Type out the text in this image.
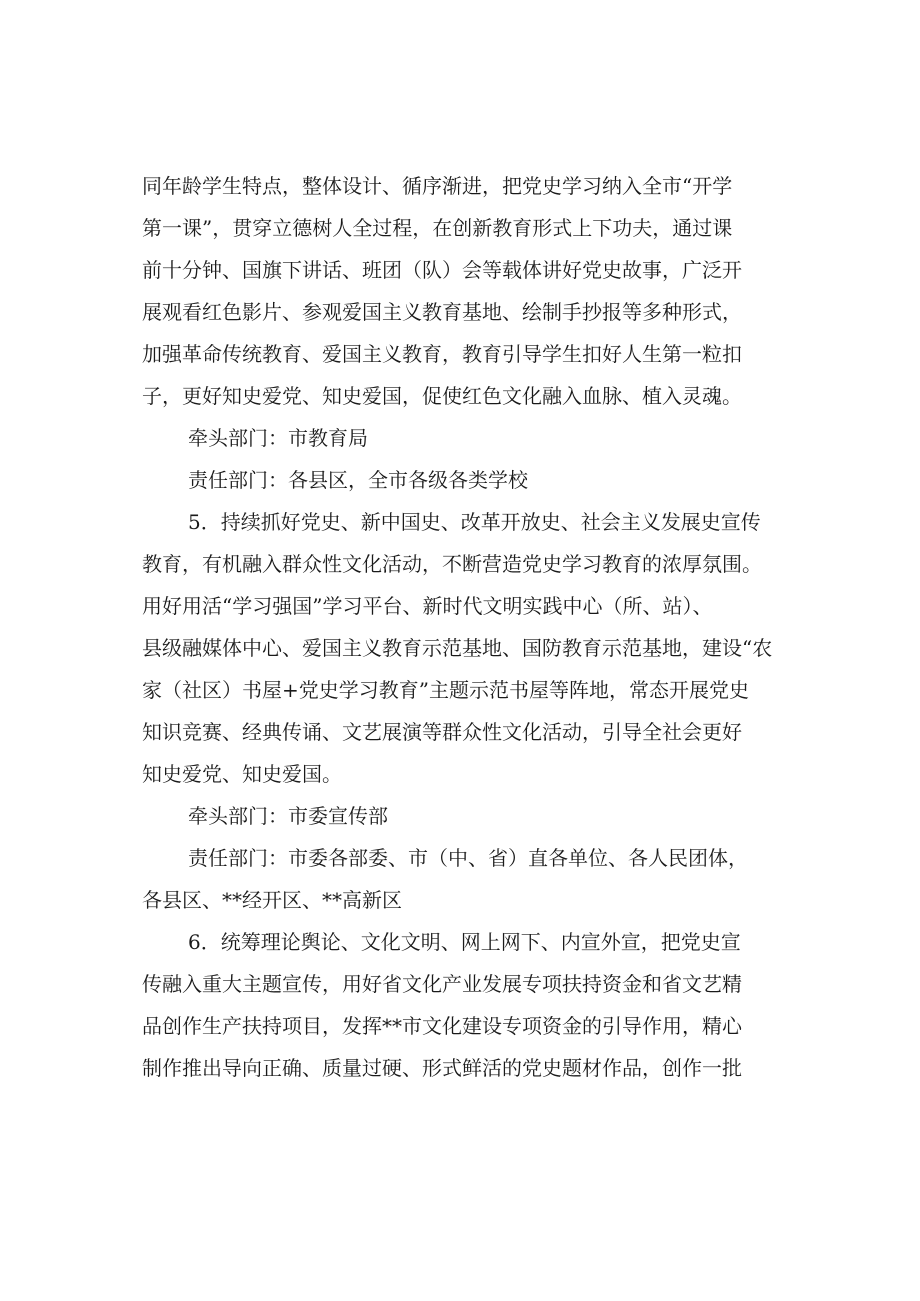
同年龄学生特点，整体设计、循序渐进，把党史学习纳入全市“开学
第一课”，贯穿立德树人全过程，在创新教育形式上下功夫，通过课
前十分钟、国旗下讲话、班团（队）会等载体讲好党史故事，广泛开
展观看红色影片、参观爱国主义教育基地、绘制手抄报等多种形式，
加强革命传统教育、爱国主义教育，教育引导学生扣好人生第一粒扣
子，更好知史爱党、知史爱国，促使红色文化融入血脉、植入灵魂。
牵头部门：市教育局
责任部门：各县区，全市各级各类学校
5．持续抓好党史、新中国史、改革开放史、社会主义发展史宣传
教育，有机融入群众性文化活动，不断营造党史学习教育的浓厚氛围。
用好用活“学习强国”学习平台、新时代文明实践中心（所、站）、
县级融媒体中心、爱国主义教育示范基地、国防教育示范基地，建设“农
家（社区）书屋+党史学习教育”主题示范书屋等阵地，常态开展党史
知识竞赛、经典传诵、文艺展演等群众性文化活动，引导全社会更好
知史爱党、知史爱国。
牵头部门：市委宣传部
责任部门：市委各部委、市（中、省）直各单位、各人民团体，
各县区、**经开区、**高新区
6．统筹理论舆论、文化文明、网上网下、内宣外宣，把党史宣
传融入重大主题宣传，用好省文化产业发展专项扶持资金和省文艺精
品创作生产扶持项目，发挥**市文化建设专项资金的引导作用，精心
制作推出导向正确、质量过硬、形式鲜活的党史题材作品，创作一批
